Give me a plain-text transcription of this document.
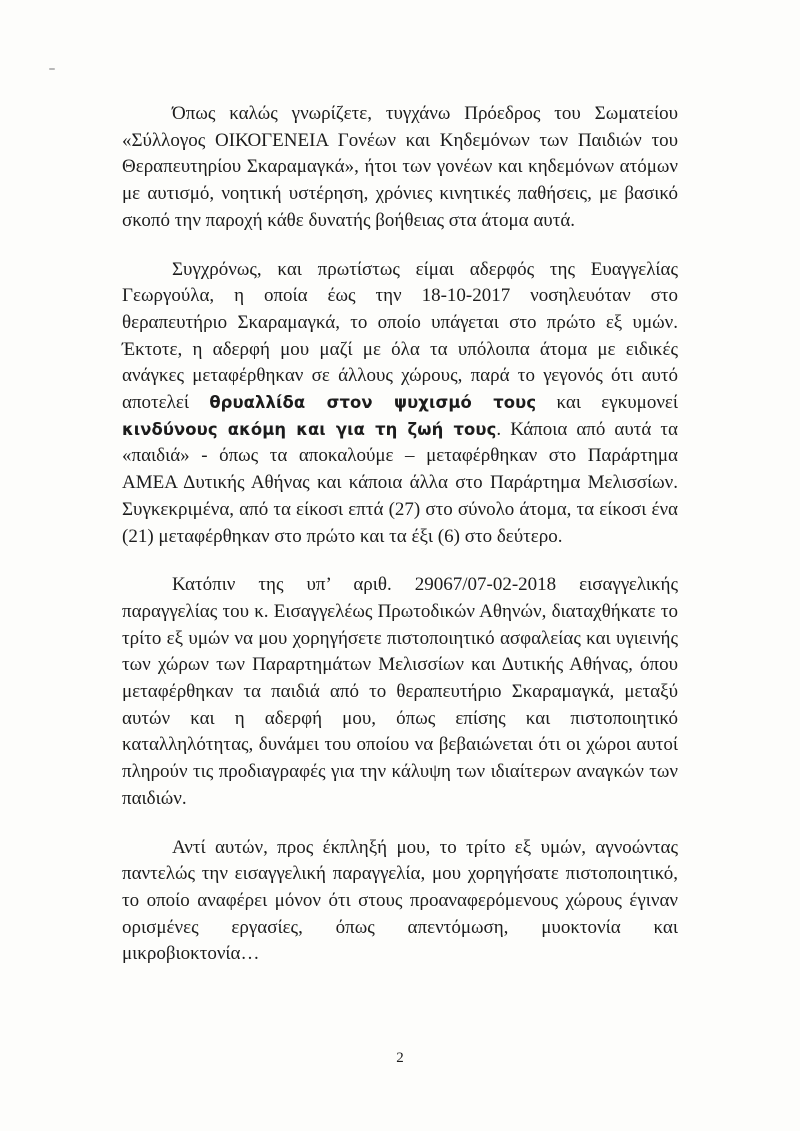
Όπως καλώς γνωρίζετε, τυγχάνω Πρόεδρος του Σωματείου «Σύλλογος ΟΙΚΟΓΕΝΕΙΑ Γονέων και Κηδεμόνων των Παιδιών του Θεραπευτηρίου Σκαραμαγκά», ήτοι των γονέων και κηδεμόνων ατόμων με αυτισμό, νοητική υστέρηση, χρόνιες κινητικές παθήσεις, με βασικό σκοπό την παροχή κάθε δυνατής βοήθειας στα άτομα αυτά.

Συγχρόνως, και πρωτίστως είμαι αδερφός της Ευαγγελίας Γεωργούλα, η οποία έως την 18-10-2017 νοσηλευόταν στο θεραπευτήριο Σκαραμαγκά, το οποίο υπάγεται στο πρώτο εξ υμών. Έκτοτε, η αδερφή μου μαζί με όλα τα υπόλοιπα άτομα με ειδικές ανάγκες μεταφέρθηκαν σε άλλους χώρους, παρά το γεγονός ότι αυτό αποτελεί θρυαλλίδα στον ψυχισμό τους και εγκυμονεί κινδύνους ακόμη και για τη ζωή τους. Κάποια από αυτά τα «παιδιά» - όπως τα αποκαλούμε – μεταφέρθηκαν στο Παράρτημα ΑΜΕΑ Δυτικής Αθήνας και κάποια άλλα στο Παράρτημα Μελισσίων. Συγκεκριμένα, από τα είκοσι επτά (27) στο σύνολο άτομα, τα είκοσι ένα (21) μεταφέρθηκαν στο πρώτο και τα έξι (6) στο δεύτερο.

Κατόπιν της υπ’ αριθ. 29067/07-02-2018 εισαγγελικής παραγγελίας του κ. Εισαγγελέως Πρωτοδικών Αθηνών, διαταχθήκατε το τρίτο εξ υμών να μου χορηγήσετε πιστοποιητικό ασφαλείας και υγιεινής των χώρων των Παραρτημάτων Μελισσίων και Δυτικής Αθήνας, όπου μεταφέρθηκαν τα παιδιά από το θεραπευτήριο Σκαραμαγκά, μεταξύ αυτών και η αδερφή μου, όπως επίσης και πιστοποιητικό καταλληλότητας, δυνάμει του οποίου να βεβαιώνεται ότι οι χώροι αυτοί πληρούν τις προδιαγραφές για την κάλυψη των ιδιαίτερων αναγκών των παιδιών.

Αντί αυτών, προς έκπληξή μου, το τρίτο εξ υμών, αγνοώντας παντελώς την εισαγγελική παραγγελία, μου χορηγήσατε πιστοποιητικό, το οποίο αναφέρει μόνον ότι στους προαναφερόμενους χώρους έγιναν ορισμένες εργασίες, όπως απεντόμωση, μυοκτονία και μικροβιοκτονία…

2
